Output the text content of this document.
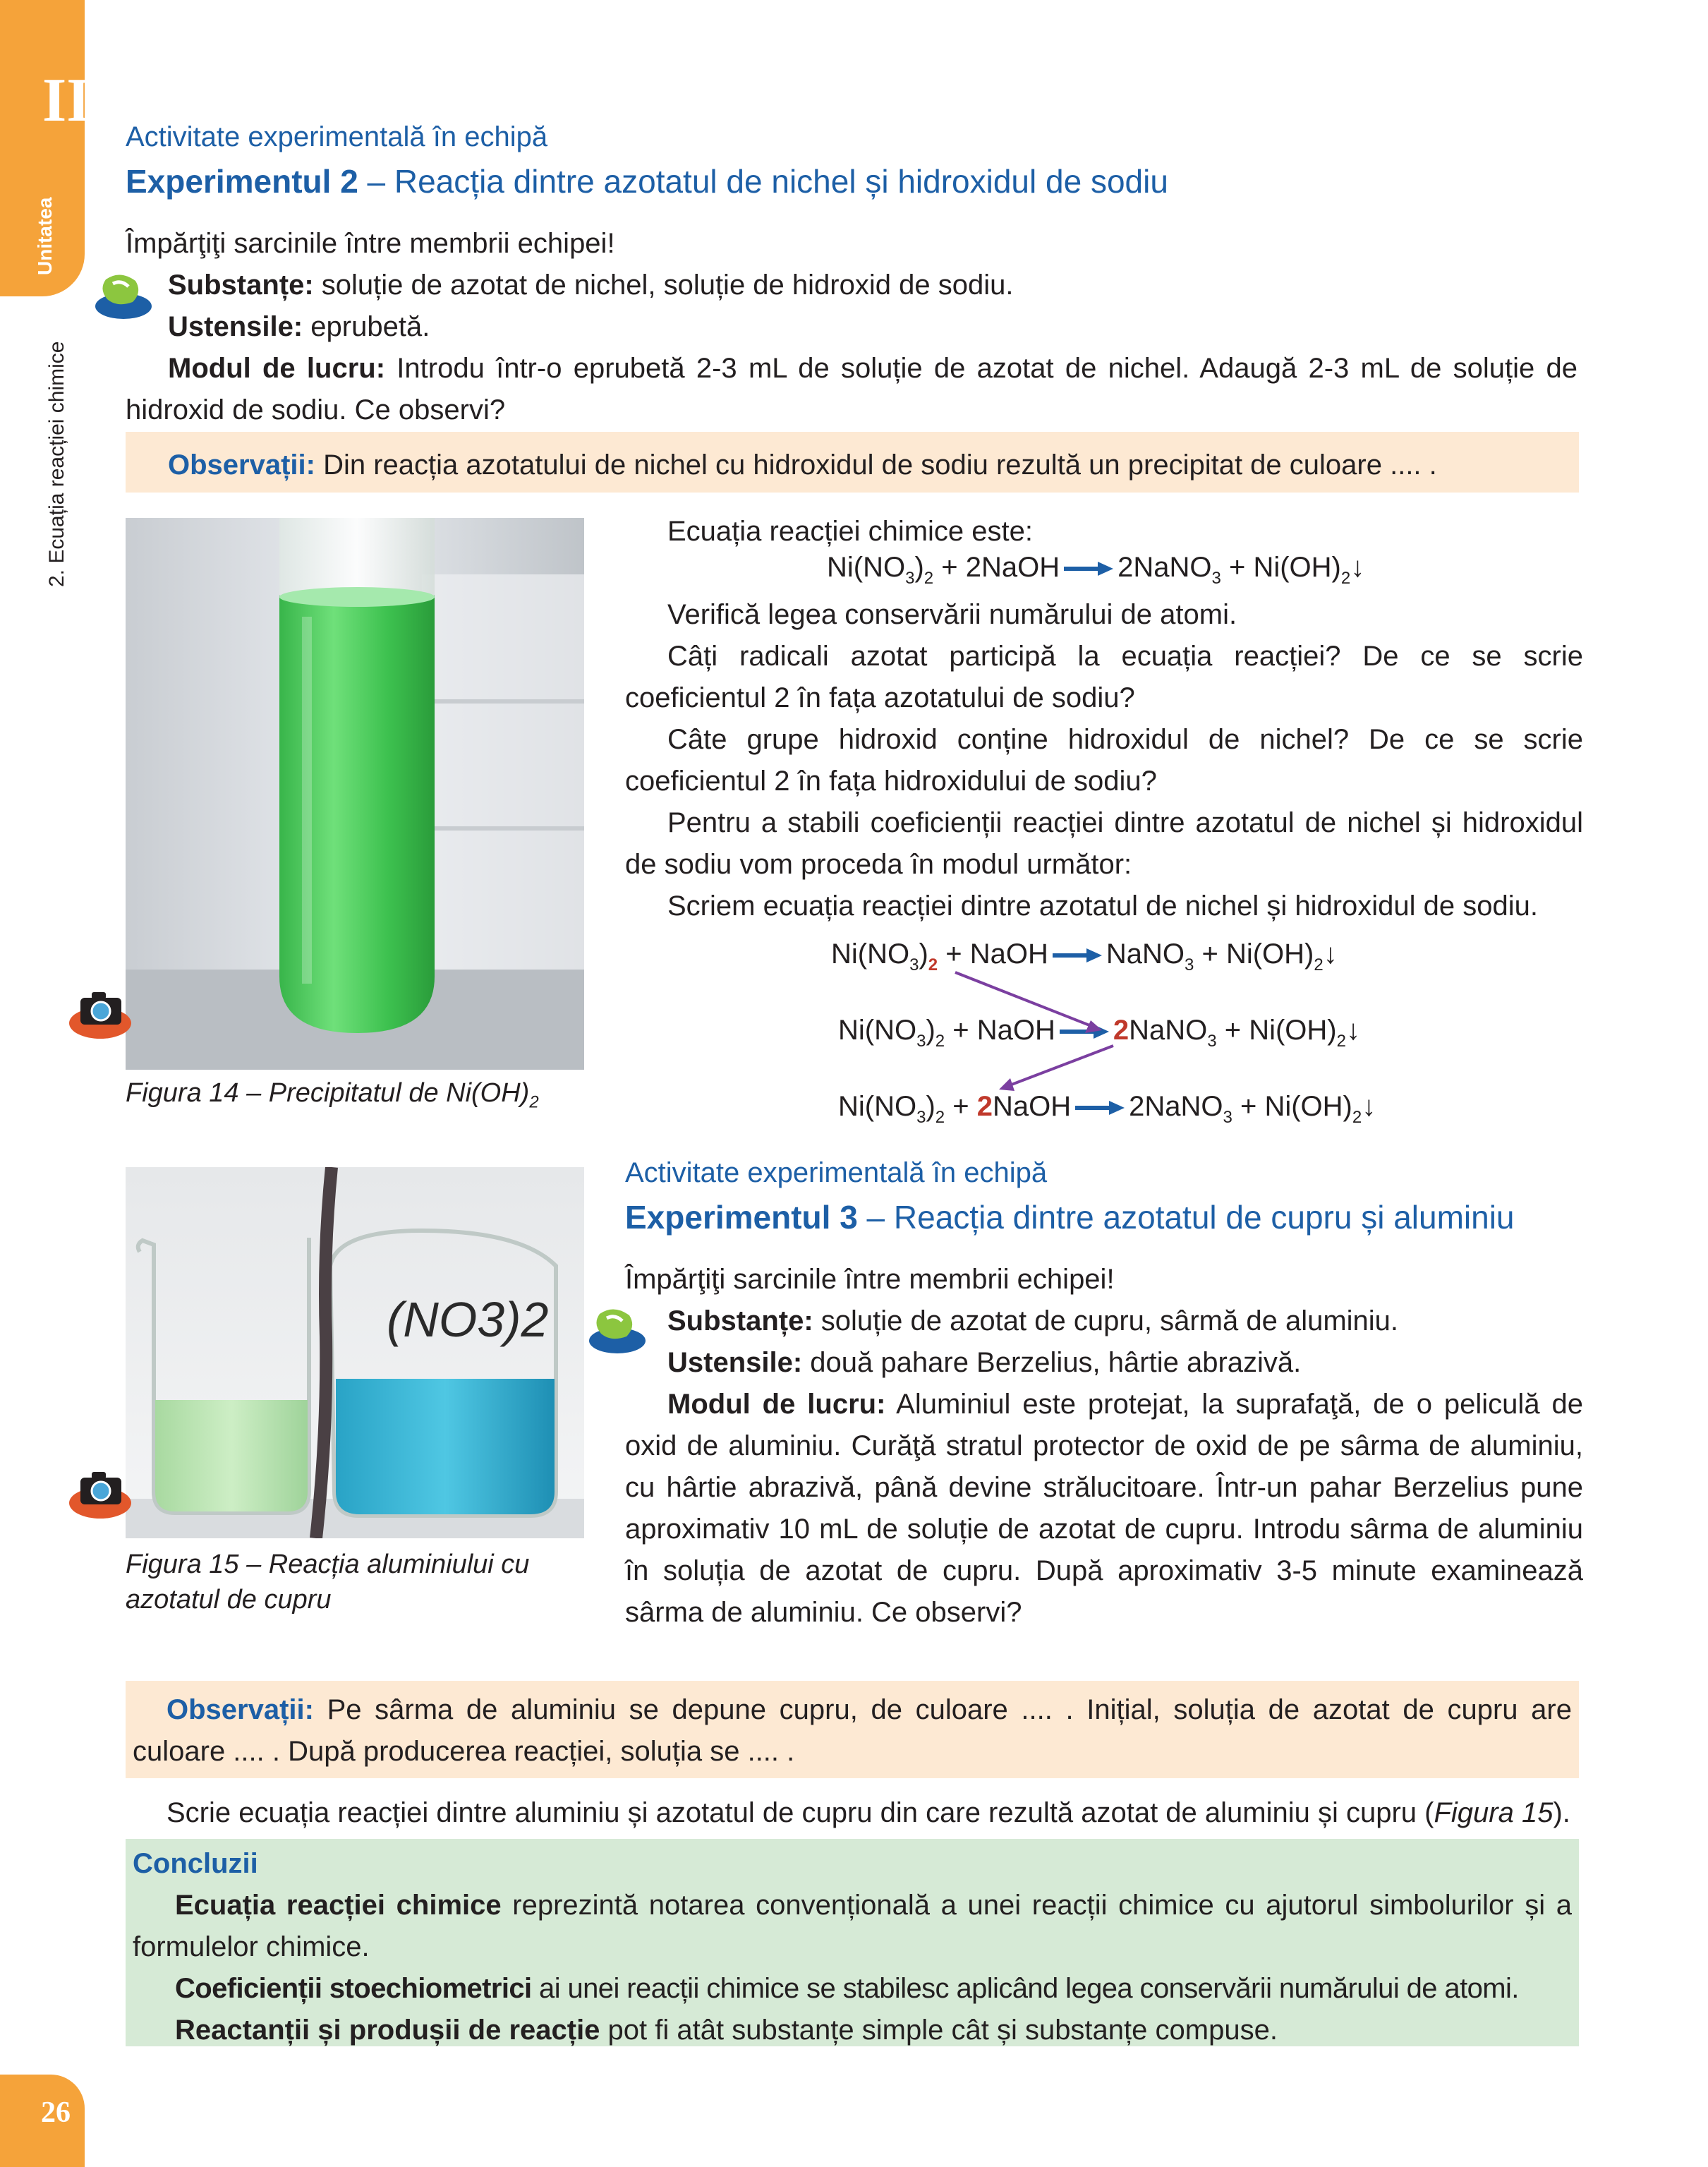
II
Unitatea
2. Ecuația reacției chimice
Activitate experimentală în echipă
Experimentul 2 – Reacția dintre azotatul de nichel și hidroxidul de sodiu
Împărţiţi sarcinile între membrii echipei!
Substanțe: soluție de azotat de nichel, soluție de hidroxid de sodiu.
Ustensile: eprubetă.
Modul de lucru: Introdu într-o eprubetă 2-3 mL de soluție de azotat de nichel. Adaugă 2-3 mL de soluție de hidroxid de sodiu. Ce observi?
Observații: Din reacția azotatului de nichel cu hidroxidul de sodiu rezultă un precipitat de culoare .... .
Figura 14 – Precipitatul de $Ni(OH)_2$
Ecuația reacției chimice este:
$Ni(NO_3)_2$ + 2NaOH → 2NaNO$_3$ + $Ni(OH)_2↓$
Verifică legea conservării numărului de atomi.
Câți radicali azotat participă la ecuația reacției? De ce se scrie coeficientul 2 în fața azotatului de sodiu?
Câte grupe hidroxid conține hidroxidul de nichel? De ce se scrie coeficientul 2 în fața hidroxidului de sodiu?
Pentru a stabili coeficienții reacției dintre azotatul de nichel și hidroxidul de sodiu vom proceda în modul următor:
Scriem ecuația reacției dintre azotatul de nichel și hidroxidul de sodiu.
$Ni(NO_3)_2$ + NaOH → NaNO$_3$ + $Ni(OH)_2↓$
$Ni(NO_3)_2$ + NaOH → 2NaNO$_3$ + $Ni(OH)_2↓$
$Ni(NO_3)_2$ + 2NaOH → 2NaNO$_3$ + $Ni(OH)_2↓$
Activitate experimentală în echipă
Experimentul 3 – Reacția dintre azotatul de cupru și aluminiu
Împărţiţi sarcinile între membrii echipei!
Substanțe: soluție de azotat de cupru, sârmă de aluminiu.
Ustensile: două pahare Berzelius, hârtie abrazivă.
Modul de lucru: Aluminiul este protejat, la suprafaţă, de o peliculă de oxid de aluminiu. Curăţă stratul protector de oxid de pe sârma de aluminiu, cu hârtie abrazivă, până devine strălucitoare. Într-un pahar Berzelius pune aproximativ 10 mL de soluție de azotat de cupru. Introdu sârma de aluminiu în soluția de azotat de cupru. După aproximativ 3-5 minute examinează sârma de aluminiu. Ce observi?
(NO3)2
Figura 15 – Reacția aluminiului cu
azotatul de cupru
Observații: Pe sârma de aluminiu se depune cupru, de culoare .... . Inițial, soluția de azotat de cupru are culoare .... . După producerea reacției, soluția se .... .
Scrie ecuația reacției dintre aluminiu și azotatul de cupru din care rezultă azotat de aluminiu și cupru (Figura 15).
Concluzii
Ecuația reacției chimice reprezintă notarea convențională a unei reacții chimice cu ajutorul simbolurilor și a formulelor chimice.
Coeficienții stoechiometrici ai unei reacții chimice se stabilesc aplicând legea conservării numărului de atomi.
Reactanții și produșii de reacție pot fi atât substanțe simple cât și substanțe compuse.
26
